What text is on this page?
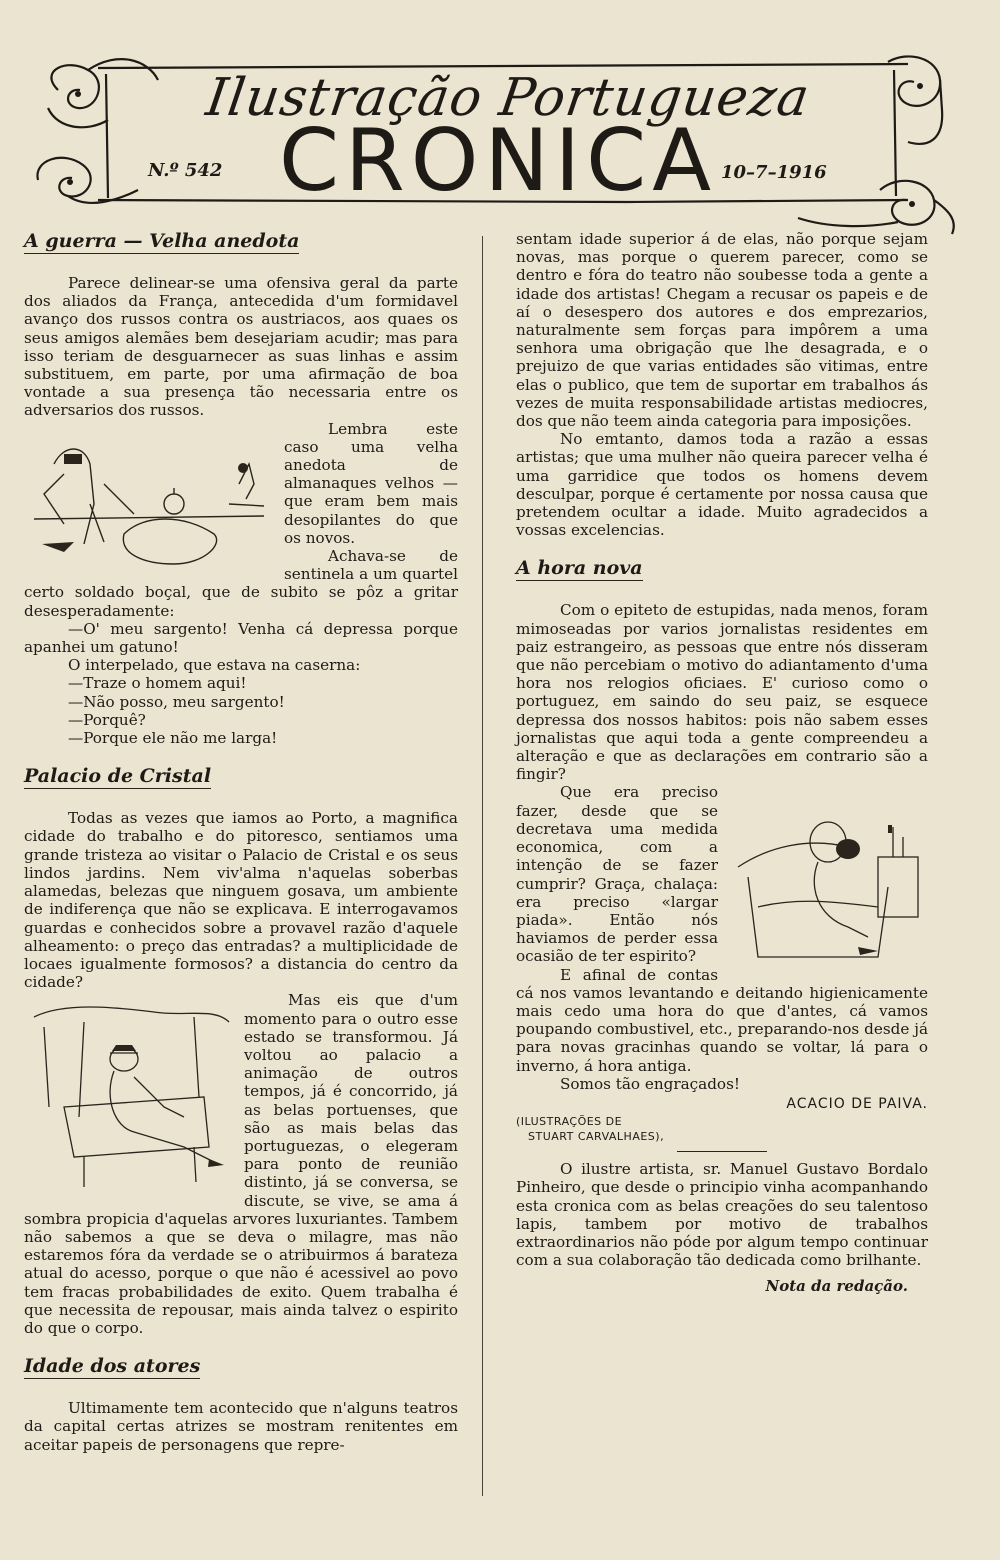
Ilustração Portugueza
CRONICA
N.º 542	10–7–1916
A guerra — Velha anedota

Parece delinear-se uma ofensiva geral da parte dos aliados da França, antecedida d'um formidavel avanço dos russos contra os austriacos, aos quaes os seus amigos alemães bem desejariam acudir; mas para isso teriam de desguarnecer as suas linhas e assim substituem, em parte, por uma afirmação de boa vontade a sua presença tão necessaria entre os adversarios dos russos.

Lembra este caso uma velha anedota de almanaques velhos — que eram bem mais desopilantes do que os novos.

Achava-se de sentinela a um quartel certo soldado boçal, que de subito se pôz a gritar desesperadamente:

—O' meu sargento! Venha cá depressa porque apanhei um gatuno!

O interpelado, que estava na caserna:

—Traze o homem aqui!

—Não posso, meu sargento!

—Porquê?

—Porque ele não me larga!

Palacio de Cristal

Todas as vezes que iamos ao Porto, a magnifica cidade do trabalho e do pitoresco, sentiamos uma grande tristeza ao visitar o Palacio de Cristal e os seus lindos jardins. Nem viv'alma n'aquelas soberbas alamedas, belezas que ninguem gosava, um ambiente de indiferença que não se explicava. E interrogavamos guardas e conhecidos sobre a provavel razão d'aquele alheamento: o preço das entradas? a multiplicidade de locaes igualmente formosos? a distancia do centro da cidade?

Mas eis que d'um momento para o outro esse estado se transformou. Já voltou ao palacio a animação de outros tempos, já é concorrido, já as belas portuenses, que são as mais belas das portuguezas, o elegeram para ponto de reunião distinto, já se conversa, se discute, se vive, se ama á sombra propicia d'aquelas arvores luxuriantes. Tambem não sabemos a que se deva o milagre, mas não estaremos fóra da verdade se o atribuirmos á barateza atual do acesso, porque o que não é acessivel ao povo tem fracas probabilidades de exito. Quem trabalha é que necessita de repousar, mais ainda talvez o espirito do que o corpo.

Idade dos atores

Ultimamente tem acontecido que n'alguns teatros da capital certas atrizes se mostram renitentes em aceitar papeis de personagens que repre-

sentam idade superior á de elas, não porque sejam novas, mas porque o querem parecer, como se dentro e fóra do teatro não soubesse toda a gente a idade dos artistas! Chegam a recusar os papeis e de aí o desespero dos autores e dos emprezarios, naturalmente sem forças para impôrem a uma senhora uma obrigação que lhe desagrada, e o prejuizo de que varias entidades são vitimas, entre elas o publico, que tem de suportar em trabalhos ás vezes de muita responsabilidade artistas mediocres, dos que não teem ainda categoria para imposições.

No emtanto, damos toda a razão a essas artistas; que uma mulher não queira parecer velha é uma garridice que todos os homens devem desculpar, porque é certamente por nossa causa que pretendem ocultar a idade. Muito agradecidos a vossas excelencias.

A hora nova

Com o epiteto de estupidas, nada menos, foram mimoseadas por varios jornalistas residentes em paiz estrangeiro, as pessoas que entre nós disseram que não percebiam o motivo do adiantamento d'uma hora nos relogios oficiaes. E' curioso como o portuguez, em saindo do seu paiz, se esquece depressa dos nossos habitos: pois não sabem esses jornalistas que aqui toda a gente compreendeu a alteração e que as declarações em contrario são a fingir?

Que era preciso fazer, desde que se decretava uma medida economica, com a intenção de se fazer cumprir? Graça, chalaça: era preciso «largar piada». Então nós haviamos de perder essa ocasião de ter espirito?

E afinal de contas cá nos vamos levantando e deitando higienicamente mais cedo uma hora do que d'antes, cá vamos poupando combustivel, etc., preparando-nos desde já para novas gracinhas quando se voltar, lá para o inverno, á hora antiga.

Somos tão engraçados!

ACACIO DE PAIVA.
(ILUSTRAÇÕES DE
STUART CARVALHAES),

O ilustre artista, sr. Manuel Gustavo Bordalo Pinheiro, que desde o principio vinha acompanhando esta cronica com as belas creações do seu talentoso lapis, tambem por motivo de trabalhos extraordinarios não póde por algum tempo continuar com a sua colaboração tão dedicada como brilhante.

Nota da redação.
